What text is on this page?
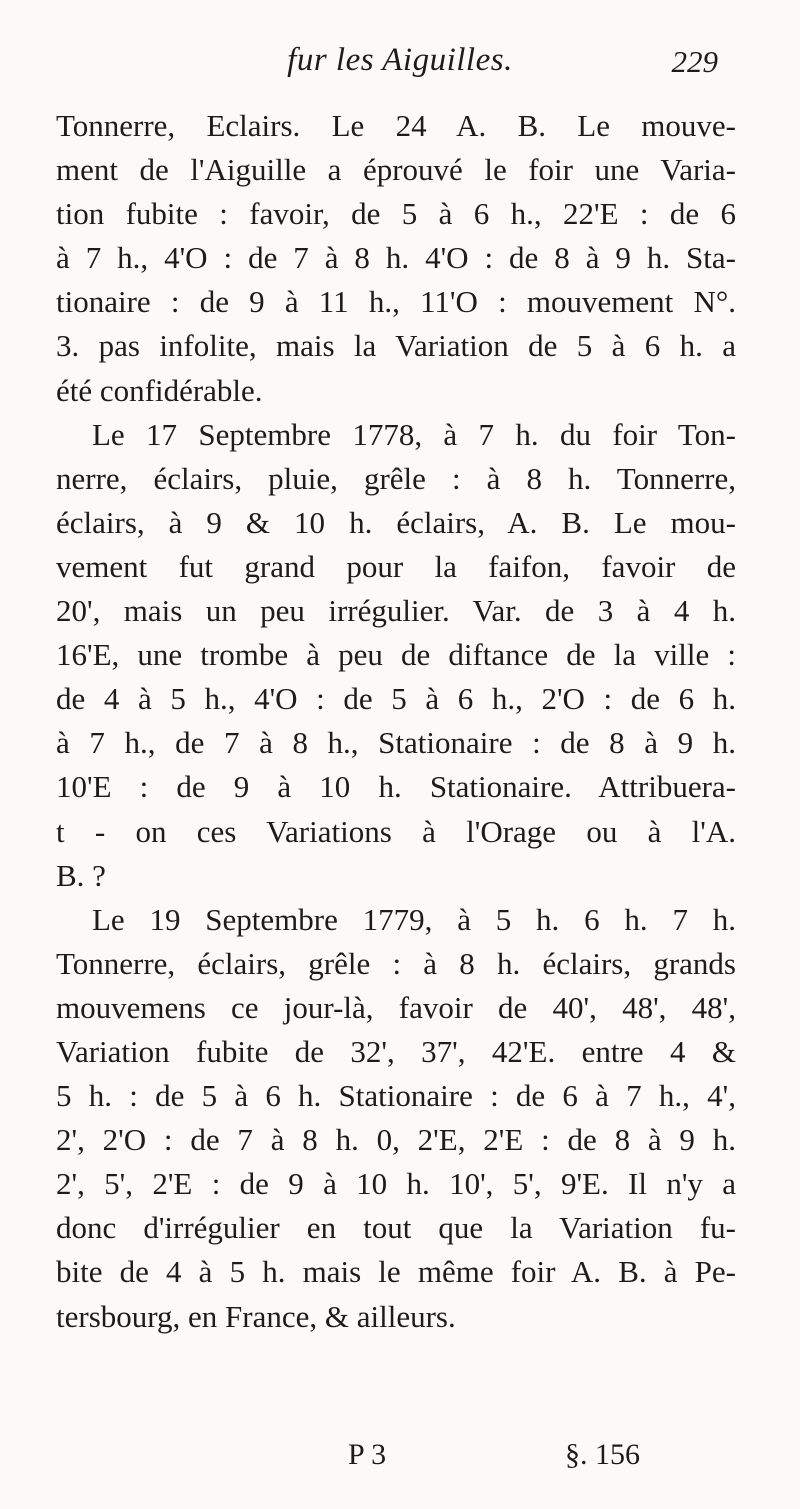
fur les Aiguilles.	229
Tonnerre, Eclairs. Le 24 A. B. Le mouve-
ment de l'Aiguille a éprouvé le foir une Varia-
tion fubite : favoir, de 5 à 6 h., 22'E : de 6
à 7 h., 4'O : de 7 à 8 h. 4'O : de 8 à 9 h. Sta-
tionaire : de 9 à 11 h., 11'O : mouvement N°.
3. pas infolite, mais la Variation de 5 à 6 h. a
été confidérable.
Le 17 Septembre 1778, à 7 h. du foir Ton-
nerre, éclairs, pluie, grêle : à 8 h. Tonnerre,
éclairs, à 9 & 10 h. éclairs, A. B. Le mou-
vement fut grand pour la faifon, favoir de
20', mais un peu irrégulier. Var. de 3 à 4 h.
16'E, une trombe à peu de diftance de la ville :
de 4 à 5 h., 4'O : de 5 à 6 h., 2'O : de 6 h.
à 7 h., de 7 à 8 h., Stationaire : de 8 à 9 h.
10'E : de 9 à 10 h. Stationaire. Attribuera-
t - on ces Variations à l'Orage ou à l'A.
B. ?
Le 19 Septembre 1779, à 5 h. 6 h. 7 h.
Tonnerre, éclairs, grêle : à 8 h. éclairs, grands
mouvemens ce jour-là, favoir de 40', 48', 48',
Variation fubite de 32', 37', 42'E. entre 4 &
5 h. : de 5 à 6 h. Stationaire : de 6 à 7 h., 4',
2', 2'O : de 7 à 8 h. 0, 2'E, 2'E : de 8 à 9 h.
2', 5', 2'E : de 9 à 10 h. 10', 5', 9'E. Il n'y a
donc d'irrégulier en tout que la Variation fu-
bite de 4 à 5 h. mais le même foir A. B. à Pe-
tersbourg, en France, & ailleurs.
P 3	§. 156
